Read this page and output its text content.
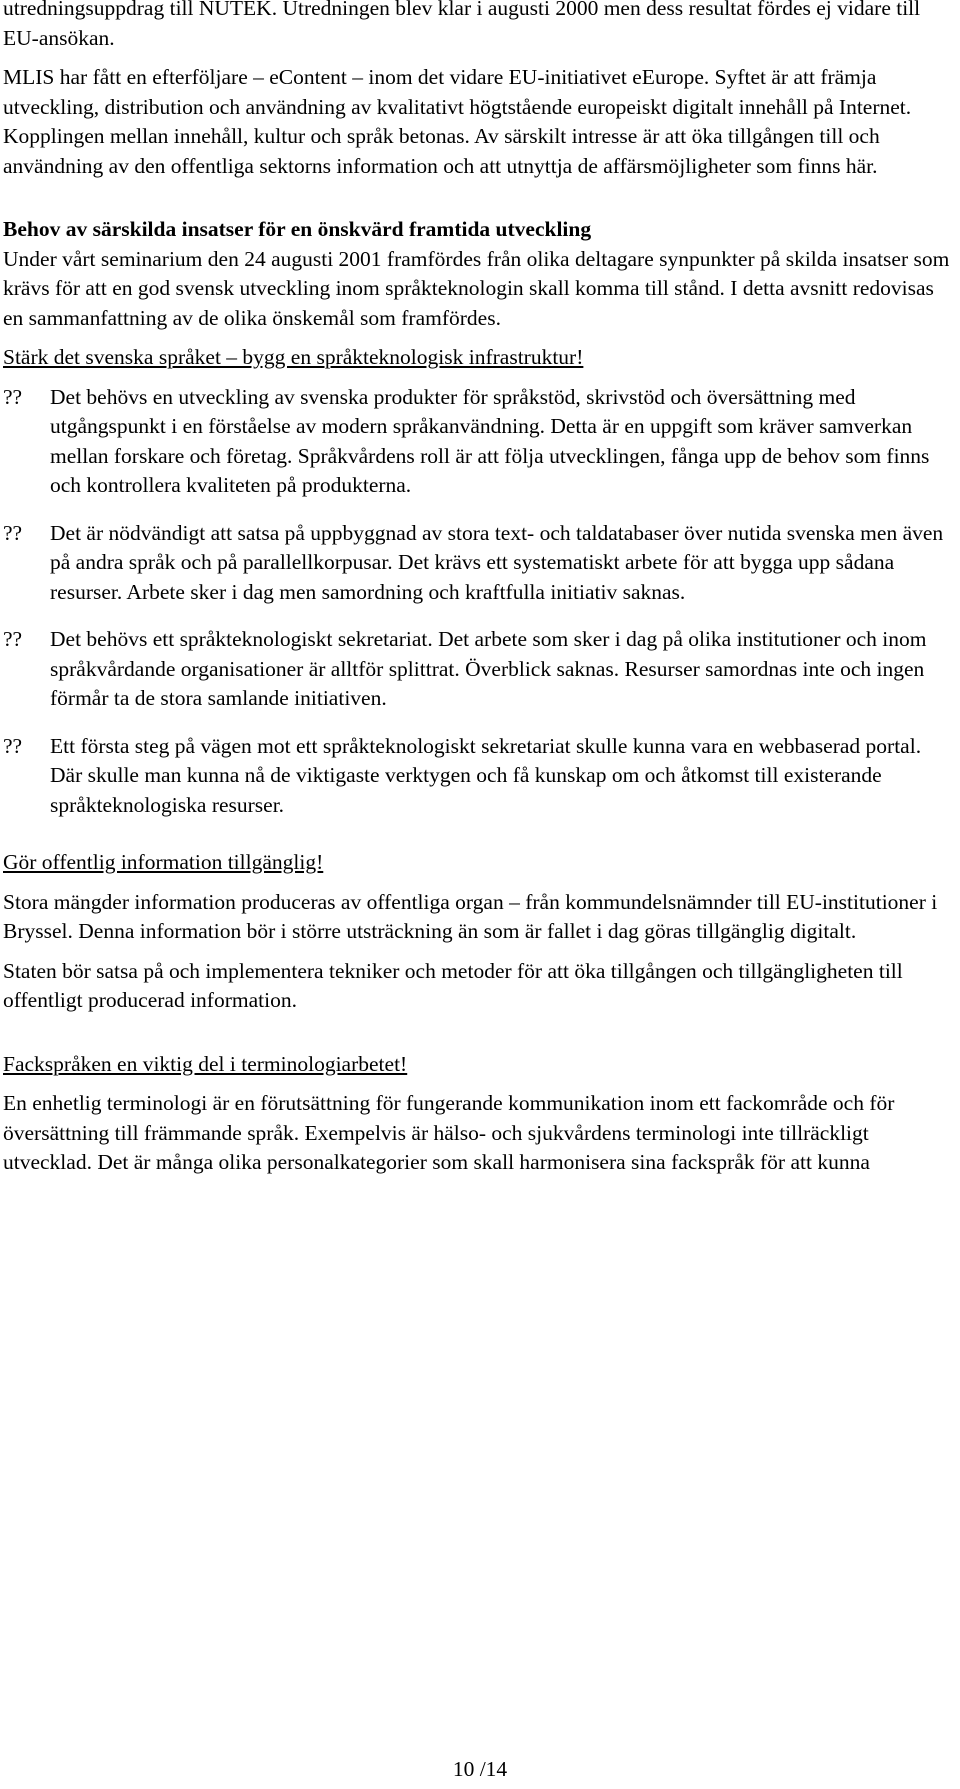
utredningsuppdrag till NUTEK. Utredningen blev klar i augusti 2000 men dess resultat fördes ej vidare till EU-ansökan.

MLIS har fått en efterföljare – eContent – inom det vidare EU-initiativet eEurope. Syftet är att främja utveckling, distribution och användning av kvalitativt högtstående europeiskt digitalt innehåll på Internet. Kopplingen mellan innehåll, kultur och språk betonas. Av särskilt intresse är att öka tillgången till och användning av den offentliga sektorns information och att utnyttja de affärsmöjligheter som finns här.

Behov av särskilda insatser för en önskvärd framtida utveckling

Under vårt seminarium den 24 augusti 2001 framfördes från olika deltagare synpunkter på skilda insatser som krävs för att en god svensk utveckling inom språkteknologin skall komma till stånd. I detta avsnitt redovisas en sammanfattning av de olika önskemål som framfördes.

Stärk det svenska språket – bygg en språkteknologisk infrastruktur!

?? Det behövs en utveckling av svenska produkter för språkstöd, skrivstöd och översättning med utgångspunkt i en förståelse av modern språkanvändning. Detta är en uppgift som kräver samverkan mellan forskare och företag. Språkvårdens roll är att följa utvecklingen, fånga upp de behov som finns och kontrollera kvaliteten på produkterna.
?? Det är nödvändigt att satsa på uppbyggnad av stora text- och taldatabaser över nutida svenska men även på andra språk och på parallellkorpusar. Det krävs ett systematiskt arbete för att bygga upp sådana resurser. Arbete sker i dag men samordning och kraftfulla initiativ saknas.
?? Det behövs ett språkteknologiskt sekretariat. Det arbete som sker i dag på olika institutioner och inom språkvårdande organisationer är alltför splittrat. Överblick saknas. Resurser samordnas inte och ingen förmår ta de stora samlande initiativen.
?? Ett första steg på vägen mot ett språkteknologiskt sekretariat skulle kunna vara en webbaserad portal. Där skulle man kunna nå de viktigaste verktygen och få kunskap om och åtkomst till existerande språkteknologiska resurser.

Gör offentlig information tillgänglig!

Stora mängder information produceras av offentliga organ – från kommundelsnämnder till EU-institutioner i Bryssel. Denna information bör i större utsträckning än som är fallet i dag göras tillgänglig digitalt.

Staten bör satsa på och implementera tekniker och metoder för att öka tillgången och tillgängligheten till offentligt producerad information.

Fackspråken en viktig del i terminologiarbetet!

En enhetlig terminologi är en förutsättning för fungerande kommunikation inom ett fackområde och för översättning till främmande språk. Exempelvis är hälso- och sjukvårdens terminologi inte tillräckligt utvecklad. Det är många olika personalkategorier som skall harmonisera sina fackspråk för att kunna

10 /14
